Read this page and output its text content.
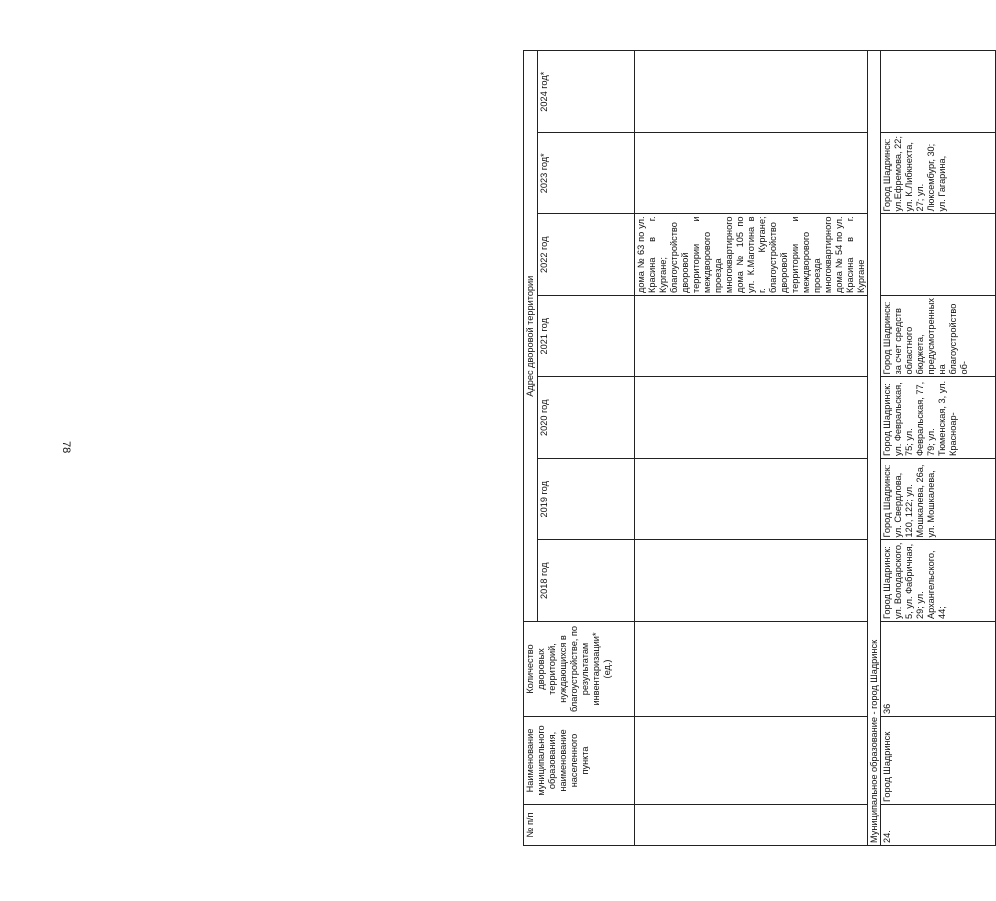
78
№ п/п	Наименование муниципального образования, наименование населенного пункта	Количество дворовых территорий, нуждающихся в благоустройстве, по результатам инвентаризации* (ед.)	Адрес дворовой территории						
			2018 год	2019 год	2020 год	2021 год	2022 год	2023 год*	2024 год*
							дома № 63 по ул. Красина в г. Кургане; благоустройство дворовой территории и междворового проезда многоквартирного дома № 105 по ул. К.Маготина в г. Кургане; благоустройство дворовой территории и междворового проезда многоквартирного дома № 54 по ул. Красина в г. Кургане		
Муниципальное образование - город Шадринск									
24.	Город Шадринск	36	Город Шадринск: ул. Володарского, 5, ул. Фабричная, 29; ул. Архангельского, 44;	Город Шадринск: ул. Свердлова, 120, 122; ул. Мошкалева, 26а, ул. Мошкалева,	Город Шадринск: ул. Февральская, 75; ул. Февральская, 77, 79; ул. Тюменская, 3, ул. Красноар-	Город Шадринск: за счет средств областного бюджета, предусмотренных на благоустройство об-		Город Шадринск: ул.Ефремова, 22; ул. К.Либкнехта, 27; ул. Люксембург, 30; ул. Гагарина,	
